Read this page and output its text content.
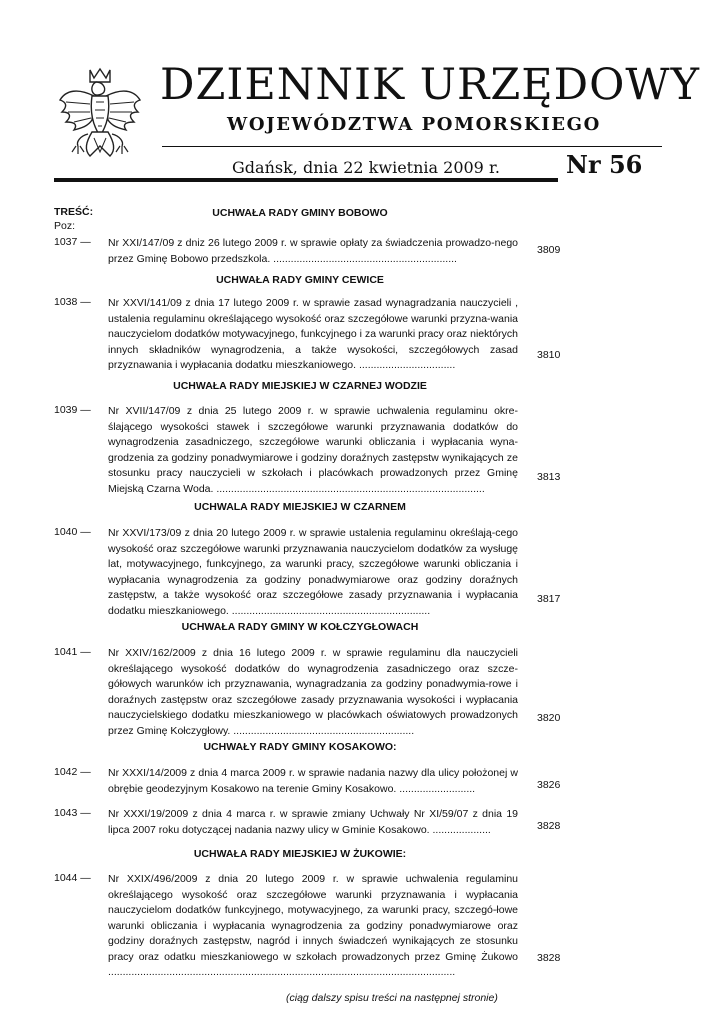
DZIENNIK URZĘDOWY
WOJEWÓDZTWA POMORSKIEGO
Gdańsk, dnia 22 kwietnia 2009 r.	Nr 56
TREŚĆ:
Poz:
UCHWAŁA RADY GMINY BOBOWO
1037 — Nr XXI/147/09 z dniz 26 lutego 2009 r. w sprawie opłaty za świadczenia prowadzo-nego przez Gminę Bobowo przedszkola. ...............................................................
3809
UCHWAŁA RADY GMINY CEWICE
1038 — Nr XXVI/141/09 z dnia 17 lutego 2009 r. w sprawie zasad wynagradzania nauczycieli , ustalenia regulaminu określającego wysokość oraz szczegółowe warunki przyzna-wania nauczycielom dodatków motywacyjnego, funkcyjnego i za warunki pracy oraz niektórych innych składników wynagrodzenia, a także wysokości, szczegółowych zasad przyznawania i wypłacania dodatku mieszkaniowego. .................................
3810
UCHWAŁA RADY MIEJSKIEJ W CZARNEJ WODZIE
1039 — Nr XVII/147/09 z dnia 25 lutego 2009 r. w sprawie uchwalenia regulaminu okre-ślającego wysokości stawek i szczegółowe warunki przyznawania dodatków do wynagrodzenia zasadniczego, szczegółowe warunki obliczania i wypłacania wyna-grodzenia za godziny ponadwymiarowe i godziny doraźnych zastępstw wynikających ze stosunku pracy nauczycieli w szkołach i placówkach prowadzonych przez Gminę Miejską Czarna Woda. ............................................................................................
3813
UCHWALA RADY MIEJSKIEJ W CZARNEM
1040 — Nr XXVI/173/09 z dnia 20 lutego 2009 r. w sprawie ustalenia regulaminu określają-cego wysokość oraz szczegółowe warunki przyznawania nauczycielom dodatków za wysługę lat, motywacyjnego, funkcyjnego, za warunki pracy, szczegółowe warunki obliczania i wypłacania wynagrodzenia za godziny ponadwymiarowe oraz godziny doraźnych zastępstw, a także wysokość oraz szczegółowe zasady przyznawania i wypłacania dodatku mieszkaniowego. ....................................................................
3817
UCHWAŁA RADY GMINY W KOŁCZYGŁOWACH
1041 — Nr XXIV/162/2009 z dnia 16 lutego 2009 r. w sprawie regulaminu dla nauczycieli określającego wysokość dodatków do wynagrodzenia zasadniczego oraz szcze-gółowych warunków ich przyznawania, wynagradzania za godziny ponadwymia-rowe i doraźnych zastępstw oraz szczegółowe zasady przyznawania wysokości i wypłacania nauczycielskiego dodatku mieszkaniowego w placówkach oświatowych prowadzonych przez Gminę Kołczygłowy. ..............................................................
3820
UCHWAŁY RADY GMINY KOSAKOWO:
1042 — Nr XXXI/14/2009 z dnia 4 marca 2009 r. w sprawie nadania nazwy dla ulicy położonej w obrębie geodezyjnym Kosakowo na terenie Gminy Kosakowo. ..........................	3826
1043 — Nr XXXI/19/2009 z dnia 4 marca r. w sprawie zmiany Uchwały Nr XI/59/07 z dnia 19 lipca 2007 roku dotyczącej nadania nazwy ulicy w Gminie Kosakowo. ....................	3828
UCHWAŁA RADY MIEJSKIEJ W ŻUKOWIE:
1044 — Nr XXIX/496/2009 z dnia 20 lutego 2009 r. w sprawie uchwalenia regulaminu określającego wysokość oraz szczegółowe warunki przyznawania i wypłacania nauczycielom dodatków funkcyjnego, motywacyjnego, za warunki pracy, szczegó-łowe warunki obliczania i wypłacania wynagrodzenia za godziny ponadwymiarowe oraz godziny doraźnych zastępstw, nagród i innych świadczeń wynikających ze stosunku pracy oraz odatku mieszkaniowego w szkołach prowadzonych przez Gminę Żukowo .......................................................................................................................
3828
(ciąg dalszy spisu treści na następnej stronie)
